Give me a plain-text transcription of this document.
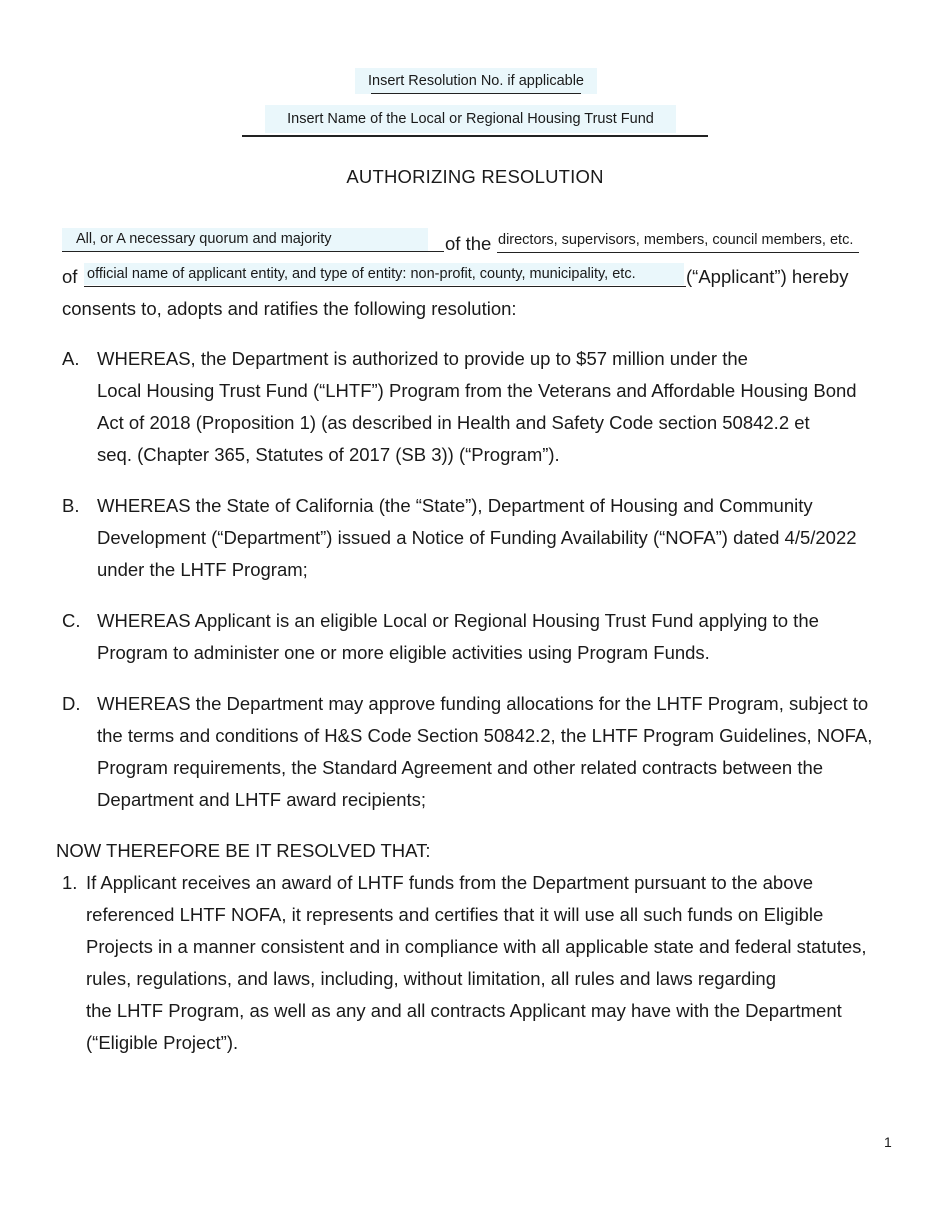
Insert Resolution No. if applicable
Insert Name of the Local or Regional Housing Trust Fund
AUTHORIZING RESOLUTION
All, or A necessary quorum and majority	of the directors, supervisors, members, council members, etc.
of official name of applicant entity, and type of entity: non-profit, county, municipality, etc.	(“Applicant”) hereby
consents to, adopts and ratifies the following resolution:
A. WHEREAS, the Department is authorized to provide up to $57 million under the
Local Housing Trust Fund (“LHTF”) Program from the Veterans and Affordable Housing Bond
Act of 2018 (Proposition 1) (as described in Health and Safety Code section 50842.2 et
seq. (Chapter 365, Statutes of 2017 (SB 3)) (“Program”).
B. WHEREAS the State of California (the “State”), Department of Housing and Community
Development (“Department”) issued a Notice of Funding Availability (“NOFA”) dated 4/5/2022
under the LHTF Program;
C. WHEREAS Applicant is an eligible Local or Regional Housing Trust Fund applying to the
Program to administer one or more eligible activities using Program Funds.
D. WHEREAS the Department may approve funding allocations for the LHTF Program, subject to
the terms and conditions of H&S Code Section 50842.2, the LHTF Program Guidelines, NOFA,
Program requirements, the Standard Agreement and other related contracts between the
Department and LHTF award recipients;
NOW THEREFORE BE IT RESOLVED THAT:
1. If Applicant receives an award of LHTF funds from the Department pursuant to the above
referenced LHTF NOFA, it represents and certifies that it will use all such funds on Eligible
Projects in a manner consistent and in compliance with all applicable state and federal statutes,
rules, regulations, and laws, including, without limitation, all rules and laws regarding
the LHTF Program, as well as any and all contracts Applicant may have with the Department
(“Eligible Project”).
1
